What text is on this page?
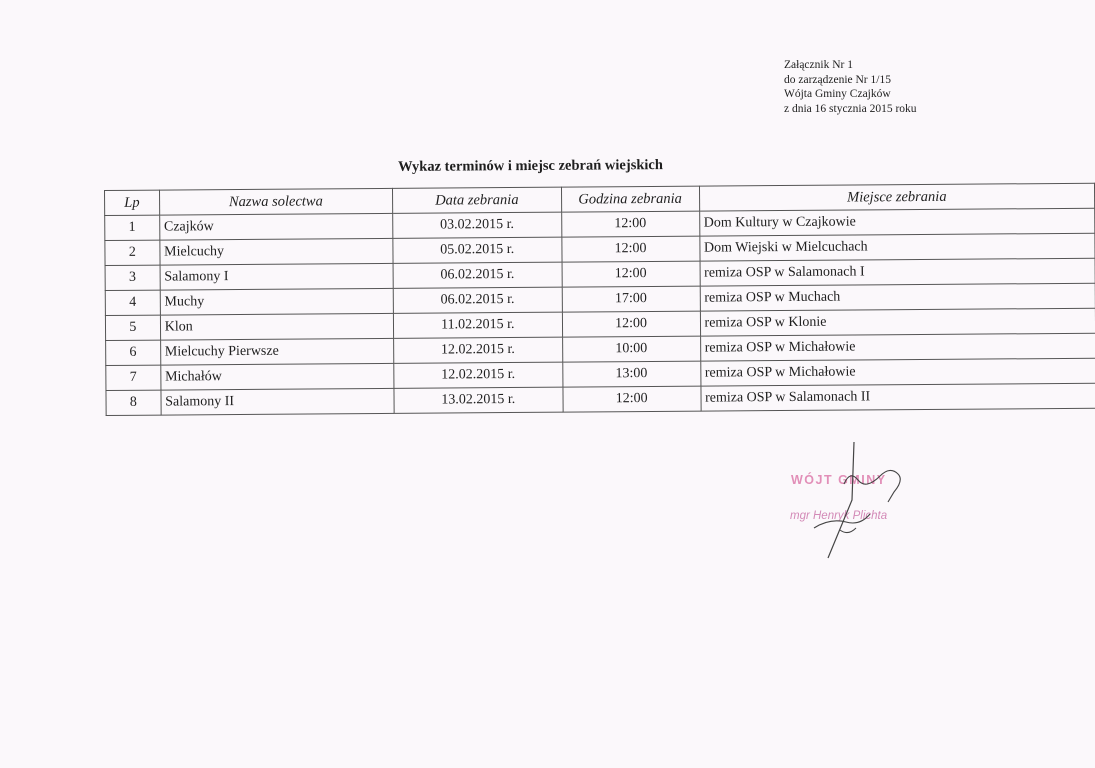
Załącznik Nr 1
do zarządzenie Nr 1/15
Wójta Gminy Czajków
z dnia 16 stycznia 2015 roku
Wykaz terminów i miejsc zebrań wiejskich
Lp	Nazwa solectwa	Data zebrania	Godzina zebrania	Miejsce zebrania
1	Czajków	03.02.2015 r.	12:00	Dom Kultury w Czajkowie
2	Mielcuchy	05.02.2015 r.	12:00	Dom Wiejski w Mielcuchach
3	Salamony I	06.02.2015 r.	12:00	remiza OSP w Salamonach I
4	Muchy	06.02.2015 r.	17:00	remiza OSP w Muchach
5	Klon	11.02.2015 r.	12:00	remiza OSP w Klonie
6	Mielcuchy Pierwsze	12.02.2015 r.	10:00	remiza OSP w Michałowie
7	Michałów	12.02.2015 r.	13:00	remiza OSP w Michałowie
8	Salamony II	13.02.2015 r.	12:00	remiza OSP w Salamonach II
WÓJT GMINY
mgr Henryk Plichta
